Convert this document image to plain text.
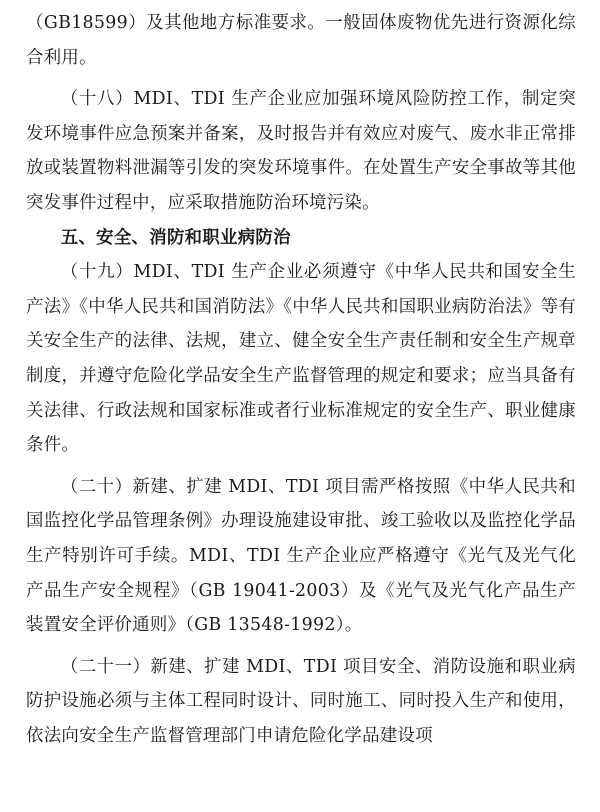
（GB18599）及其他地方标准要求。一般固体废物优先进行资源化综合利用。

（十八）MDI、TDI 生产企业应加强环境风险防控工作，制定突发环境事件应急预案并备案，及时报告并有效应对废气、废水非正常排放或装置物料泄漏等引发的突发环境事件。在处置生产安全事故等其他突发事件过程中，应采取措施防治环境污染。

五、安全、消防和职业病防治

（十九）MDI、TDI 生产企业必须遵守《中华人民共和国安全生产法》《中华人民共和国消防法》《中华人民共和国职业病防治法》等有关安全生产的法律、法规，建立、健全安全生产责任制和安全生产规章制度，并遵守危险化学品安全生产监督管理的规定和要求；应当具备有关法律、行政法规和国家标准或者行业标准规定的安全生产、职业健康条件。

（二十）新建、扩建 MDI、TDI 项目需严格按照《中华人民共和国监控化学品管理条例》办理设施建设审批、竣工验收以及监控化学品生产特别许可手续。MDI、TDI 生产企业应严格遵守《光气及光气化产品生产安全规程》（GB 19041-2003）及《光气及光气化产品生产装置安全评价通则》（GB 13548-1992）。

（二十一）新建、扩建 MDI、TDI 项目安全、消防设施和职业病防护设施必须与主体工程同时设计、同时施工、同时投入生产和使用，依法向安全生产监督管理部门申请危险化学品建设项
